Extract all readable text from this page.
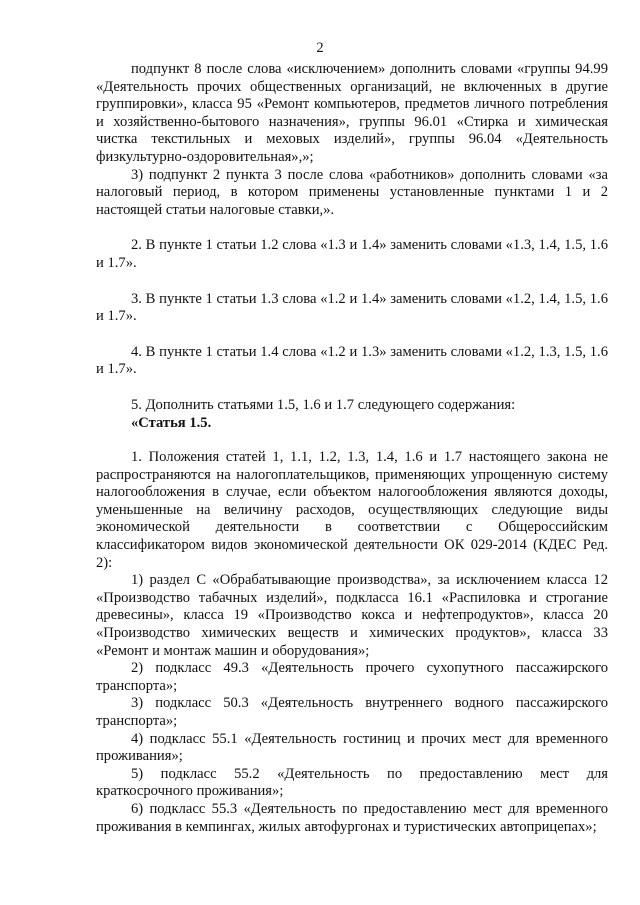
2

подпункт 8 после слова «исключением» дополнить словами «группы 94.99 «Деятельность прочих общественных организаций, не включенных в другие группировки», класса 95 «Ремонт компьютеров, предметов личного потребления и хозяйственно-бытового назначения», группы 96.01 «Стирка и химическая чистка текстильных и меховых изделий», группы 96.04 «Деятельность физкультурно-оздоровительная»,»;

3) подпункт 2 пункта 3 после слова «работников» дополнить словами «за налоговый период, в котором применены установленные пунктами 1 и 2 настоящей статьи налоговые ставки,».

2. В пункте 1 статьи 1.2 слова «1.3 и 1.4» заменить словами «1.3, 1.4, 1.5, 1.6 и 1.7».

3. В пункте 1 статьи 1.3 слова «1.2 и 1.4» заменить словами «1.2, 1.4, 1.5, 1.6 и 1.7».

4. В пункте 1 статьи 1.4 слова «1.2 и 1.3» заменить словами «1.2, 1.3, 1.5, 1.6 и 1.7».

5. Дополнить статьями 1.5, 1.6 и 1.7 следующего содержания:

«Статья 1.5.

1. Положения статей 1, 1.1, 1.2, 1.3, 1.4, 1.6 и 1.7 настоящего закона не распространяются на налогоплательщиков, применяющих упрощенную систему налогообложения в случае, если объектом налогообложения являются доходы, уменьшенные на величину расходов, осуществляющих следующие виды экономической деятельности в соответствии с Общероссийским классификатором видов экономической деятельности ОК 029-2014 (КДЕС Ред. 2):

1) раздел C «Обрабатывающие производства», за исключением класса 12 «Производство табачных изделий», подкласса 16.1 «Распиловка и строгание древесины», класса 19 «Производство кокса и нефтепродуктов», класса 20 «Производство химических веществ и химических продуктов», класса 33 «Ремонт и монтаж машин и оборудования»;

2) подкласс 49.3 «Деятельность прочего сухопутного пассажирского транспорта»;

3) подкласс 50.3 «Деятельность внутреннего водного пассажирского транспорта»;

4) подкласс 55.1 «Деятельность гостиниц и прочих мест для временного проживания»;

5) подкласс 55.2 «Деятельность по предоставлению мест для краткосрочного проживания»;

6) подкласс 55.3 «Деятельность по предоставлению мест для временного проживания в кемпингах, жилых автофургонах и туристических автоприцепах»;
